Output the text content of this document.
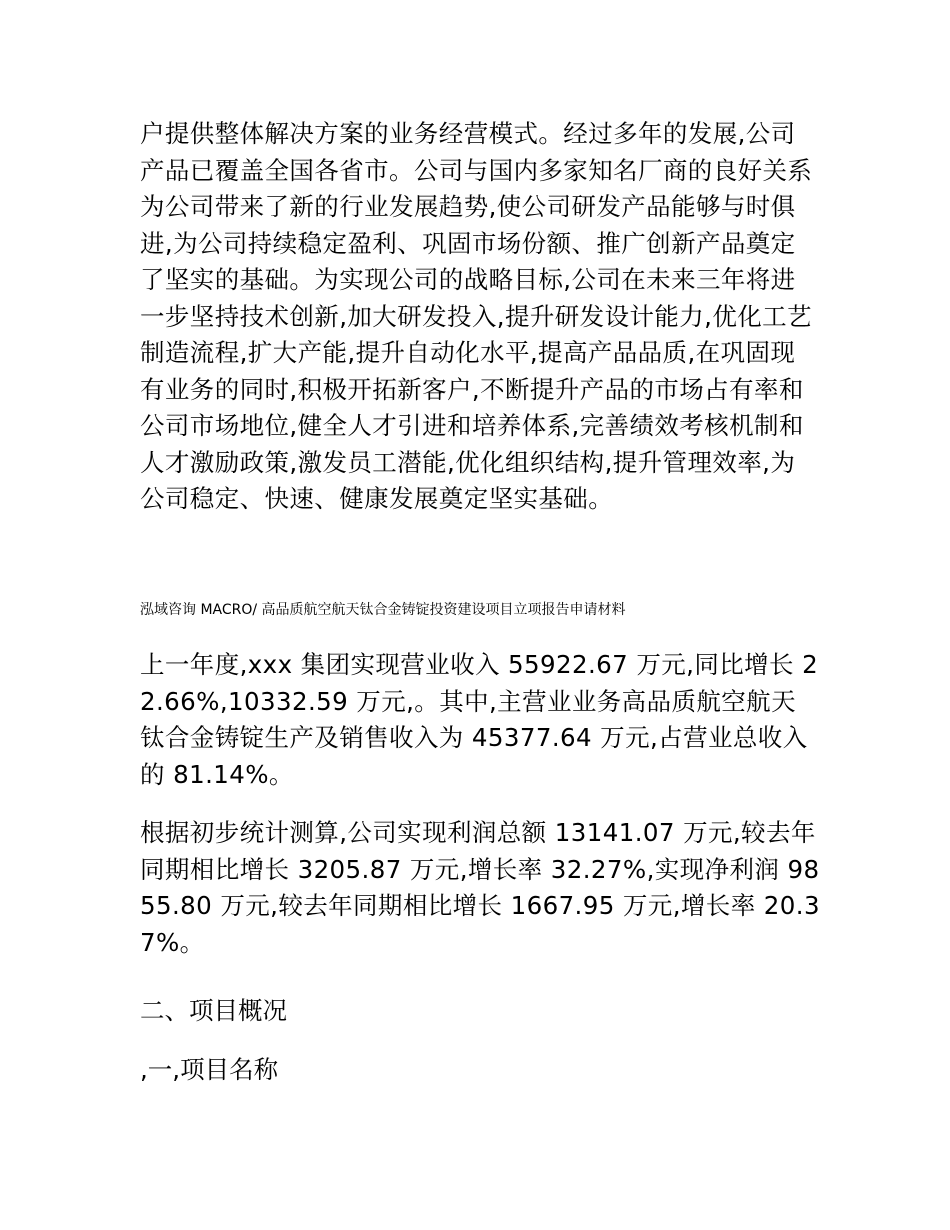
户提供整体解决方案的业务经营模式。经过多年的发展,公司产品已覆盖全国各省市。公司与国内多家知名厂商的良好关系为公司带来了新的行业发展趋势,使公司研发产品能够与时俱进,为公司持续稳定盈利、巩固市场份额、推广创新产品奠定了坚实的基础。为实现公司的战略目标,公司在未来三年将进一步坚持技术创新,加大研发投入,提升研发设计能力,优化工艺制造流程,扩大产能,提升自动化水平,提高产品品质,在巩固现有业务的同时,积极开拓新客户,不断提升产品的市场占有率和公司市场地位,健全人才引进和培养体系,完善绩效考核机制和人才激励政策,激发员工潜能,优化组织结构,提升管理效率,为公司稳定、快速、健康发展奠定坚实基础。

泓域咨询 MACRO/ 高品质航空航天钛合金铸锭投资建设项目立项报告申请材料

上一年度,xxx 集团实现营业收入 55922.67 万元,同比增长 22.66%,10332.59 万元,。其中,主营业业务高品质航空航天钛合金铸锭生产及销售收入为 45377.64 万元,占营业总收入的 81.14%。

根据初步统计测算,公司实现利润总额 13141.07 万元,较去年同期相比增长 3205.87 万元,增长率 32.27%,实现净利润 9855.80 万元,较去年同期相比增长 1667.95 万元,增长率 20.37%。

二、项目概况
,一,项目名称
